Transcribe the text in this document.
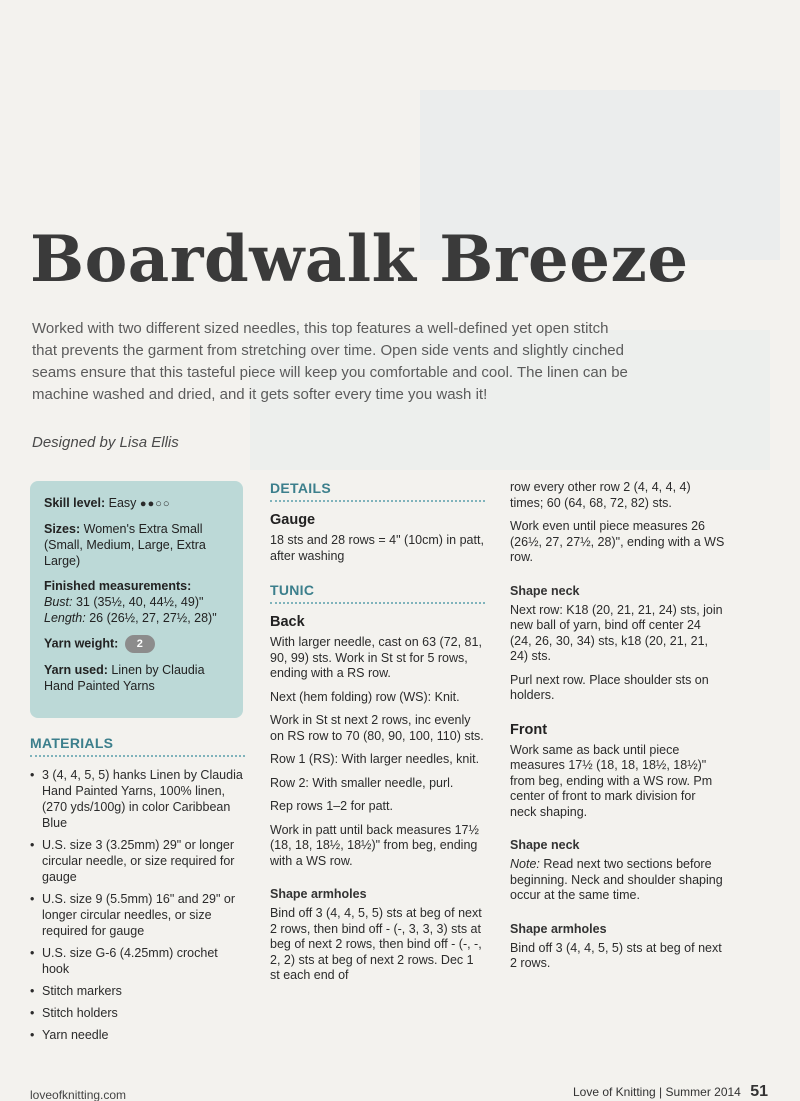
Boardwalk Breeze

Worked with two different sized needles, this top features a well-defined yet open stitch that prevents the garment from stretching over time. Open side vents and slightly cinched seams ensure that this tasteful piece will keep you comfortable and cool. The linen can be machine washed and dried, and it gets softer every time you wash it!

Designed by Lisa Ellis

Skill level: Easy ●●○○
Sizes: Women's Extra Small (Small, Medium, Large, Extra Large)
Finished measurements:
Bust: 31 (35½, 40, 44½, 49)"
Length: 26 (26½, 27, 27½, 28)"
Yarn weight: 2
Yarn used: Linen by Claudia Hand Painted Yarns
MATERIALS
• 3 (4, 4, 5, 5) hanks Linen by Claudia Hand Painted Yarns, 100% linen, (270 yds/100g) in color Caribbean Blue
• U.S. size 3 (3.25mm) 29" or longer circular needle, or size required for gauge
• U.S. size 9 (5.5mm) 16" and 29" or longer circular needles, or size required for gauge
• U.S. size G-6 (4.25mm) crochet hook
• Stitch markers
• Stitch holders
• Yarn needle
DETAILS
Gauge

18 sts and 28 rows = 4" (10cm) in patt, after washing

TUNIC
Back

With larger needle, cast on 63 (72, 81, 90, 99) sts. Work in St st for 5 rows, ending with a RS row.

Next (hem folding) row (WS): Knit.

Work in St st next 2 rows, inc evenly on RS row to 70 (80, 90, 100, 110) sts.

Row 1 (RS): With larger needles, knit.

Row 2: With smaller needle, purl.

Rep rows 1–2 for patt.

Work in patt until back measures 17½ (18, 18, 18½, 18½)" from beg, ending with a WS row.

Shape armholes

Bind off 3 (4, 4, 5, 5) sts at beg of next 2 rows, then bind off - (-, 3, 3, 3) sts at beg of next 2 rows, then bind off - (-, -, 2, 2) sts at beg of next 2 rows. Dec 1 st each end of

row every other row 2 (4, 4, 4, 4) times; 60 (64, 68, 72, 82) sts.

Work even until piece measures 26 (26½, 27, 27½, 28)", ending with a WS row.

Shape neck

Next row: K18 (20, 21, 21, 24) sts, join new ball of yarn, bind off center 24 (24, 26, 30, 34) sts, k18 (20, 21, 21, 24) sts.

Purl next row. Place shoulder sts on holders.

Front

Work same as back until piece measures 17½ (18, 18, 18½, 18½)" from beg, ending with a WS row. Pm center of front to mark division for neck shaping.

Shape neck

Note: Read next two sections before beginning. Neck and shoulder shaping occur at the same time.

Shape armholes

Bind off 3 (4, 4, 5, 5) sts at beg of next 2 rows.

loveofknitting.com	Love of Knitting | Summer 2014 51
